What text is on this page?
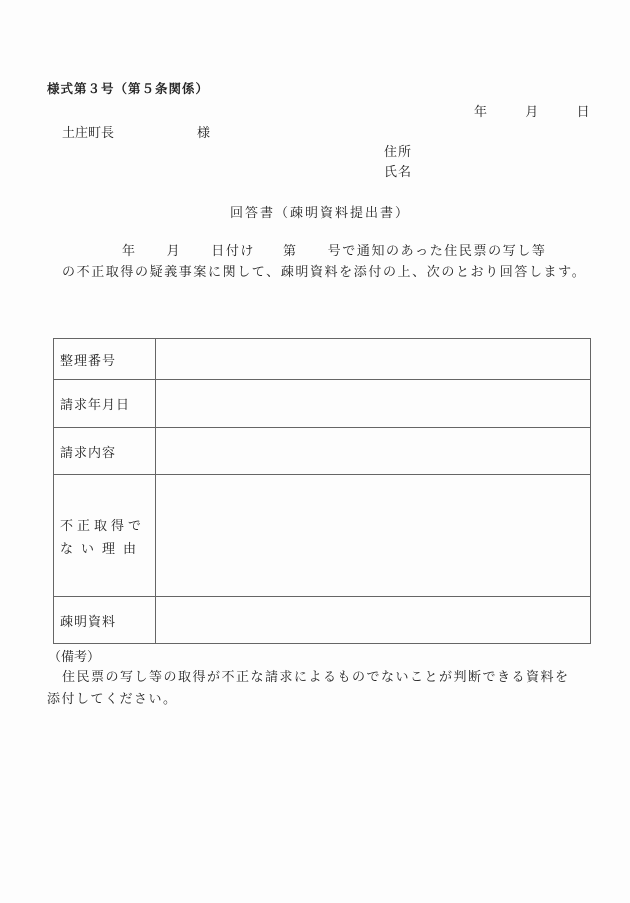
様式第３号（第５条関係）
年	月	日
土庄町長	様
住所
氏名
回答書（疎明資料提出書）
年 月 日付け 第 号で通知のあった住民票の写し等
の不正取得の疑義事案に関して、疎明資料を添付の上、次のとおり回答します。
整理番号	
請求年月日	
請求内容	

不正取得で
ない理由	

疎明資料	
（備考）
住民票の写し等の取得が不正な請求によるものでないことが判断できる資料を
添付してください。
